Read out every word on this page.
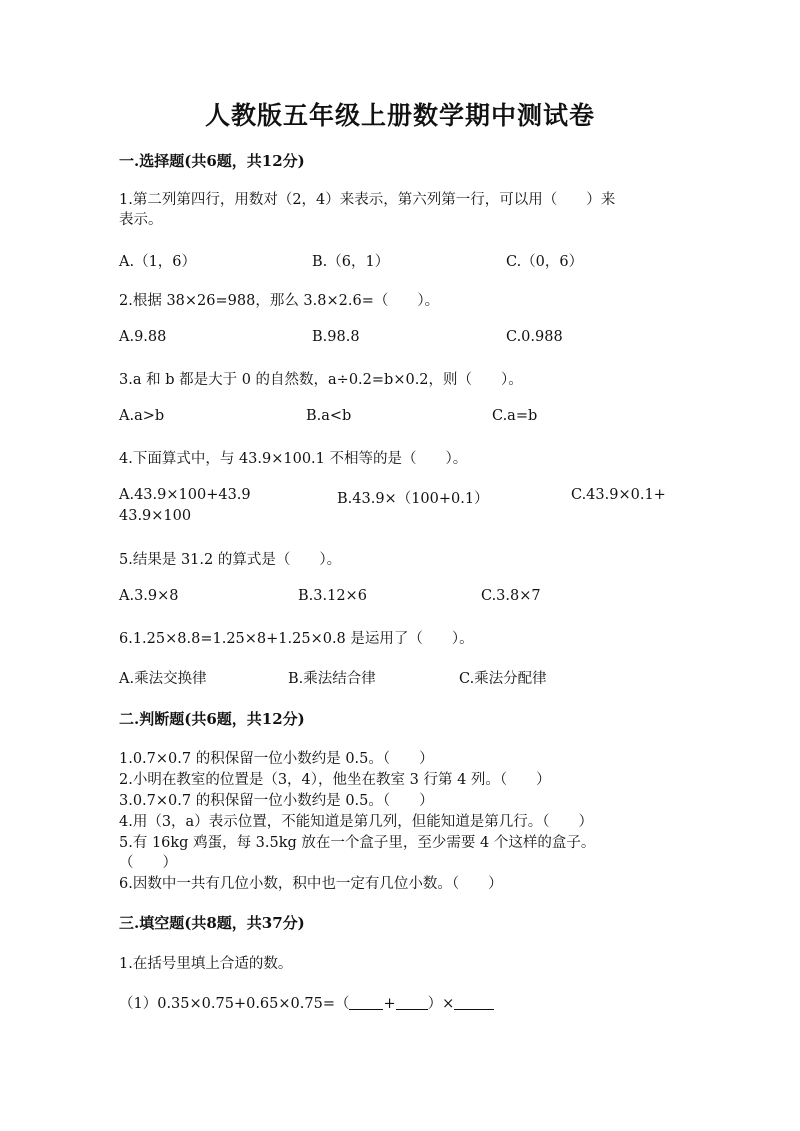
人教版五年级上册数学期中测试卷
一.选择题(共6题，共12分)
1.第二列第四行，用数对（2，4）来表示，第六列第一行，可以用（　　）来
表示。
A.（1，6）	B.（6，1）	C.（0，6）
2.根据 38×26=988，那么 3.8×2.6=（　　）。
A.9.88	B.98.8	C.0.988
3.a 和 b 都是大于 0 的自然数，a÷0.2=b×0.2，则（　　）。
A.a>b	B.a<b	C.a=b
4.下面算式中，与 43.9×100.1 不相等的是（　　）。
A.43.9×100+43.9	B.43.9×（100+0.1）	C.43.9×0.1+
43.9×100
5.结果是 31.2 的算式是（　　）。
A.3.9×8	B.3.12×6	C.3.8×7
6.1.25×8.8=1.25×8+1.25×0.8 是运用了（　　）。
A.乘法交换律	B.乘法结合律	C.乘法分配律
二.判断题(共6题，共12分)
1.0.7×0.7 的积保留一位小数约是 0.5。（　　）
2.小明在教室的位置是（3，4），他坐在教室 3 行第 4 列。（　　）
3.0.7×0.7 的积保留一位小数约是 0.5。（　　）
4.用（3，a）表示位置，不能知道是第几列，但能知道是第几行。（　　）
5.有 16kg 鸡蛋，每 3.5kg 放在一个盒子里，至少需要 4 个这样的盒子。
（　　）
6.因数中一共有几位小数，积中也一定有几位小数。（　　）
三.填空题(共8题，共37分)
1.在括号里填上合适的数。
（1）0.35×0.75+0.65×0.75=（ + ）×
